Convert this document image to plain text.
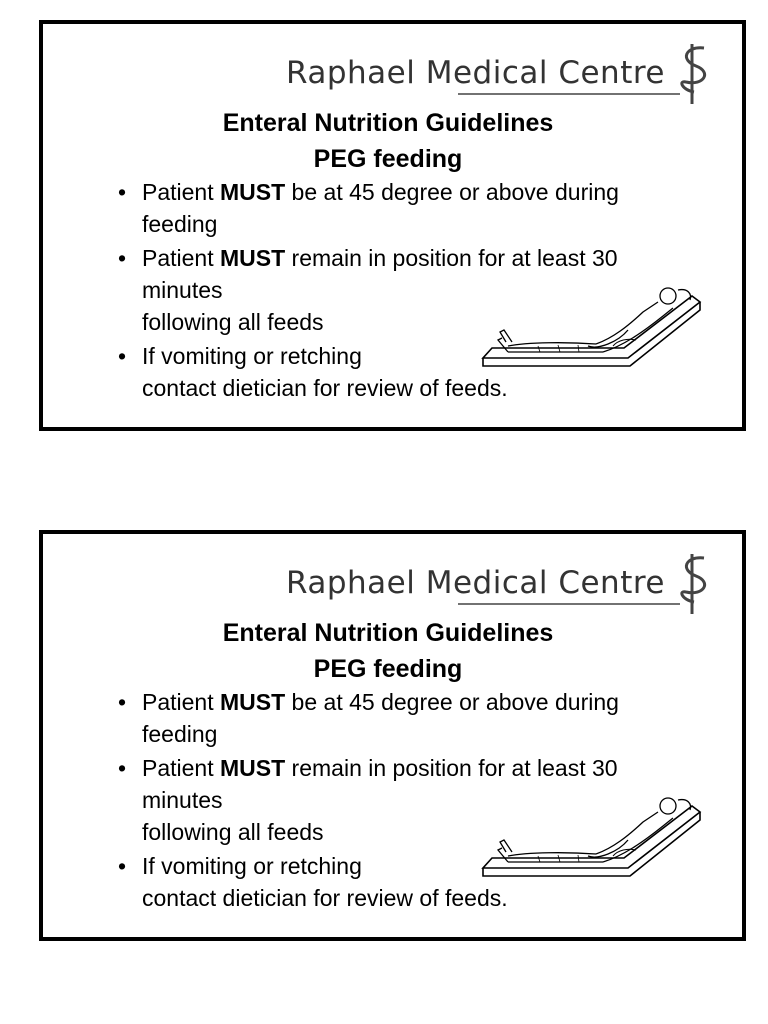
Raphael Medical Centre
Enteral Nutrition Guidelines
PEG feeding
• Patient MUST be at 45 degree or above during
feeding
• Patient MUST remain in position for at least 30
minutes
following all feeds
• If vomiting or retching
contact dietician for review of feeds.
Raphael Medical Centre
Enteral Nutrition Guidelines
PEG feeding
• Patient MUST be at 45 degree or above during
feeding
• Patient MUST remain in position for at least 30
minutes
following all feeds
• If vomiting or retching
contact dietician for review of feeds.
